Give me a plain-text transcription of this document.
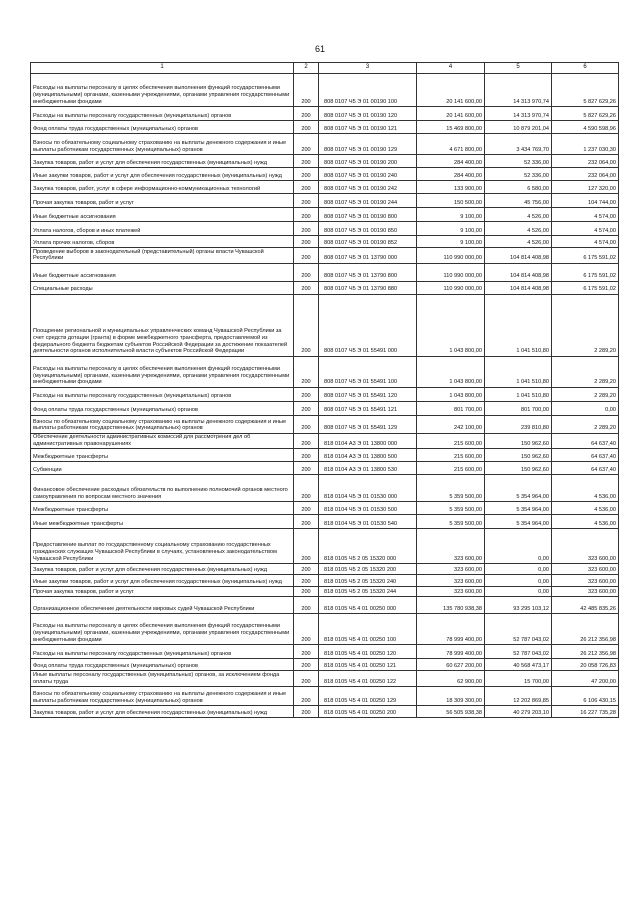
61
1	2	3	4	5	6
Расходы на выплаты персоналу в целях обеспечения выполнения функций государственными (муниципальными) органами, казенными учреждениями, органами управления государственными внебюджетными фондами	200	808 0107 Ч5 Э 01 00190 100	20 141 600,00	14 313 970,74	5 827 629,26
Расходы на выплаты персоналу государственных (муниципальных) органов	200	808 0107 Ч5 Э 01 00190 120	20 141 600,00	14 313 970,74	5 827 629,26
Фонд оплаты труда государственных (муниципальных) органов	200	808 0107 Ч5 Э 01 00190 121	15 469 800,00	10 879 201,04	4 590 598,96
Взносы по обязательному социальному страхованию на выплаты денежного содержания и иные выплаты работникам государственных (муниципальных) органов	200	808 0107 Ч5 Э 01 00190 129	4 671 800,00	3 434 769,70	1 237 030,30
Закупка товаров, работ и услуг для обеспечения государственных (муниципальных) нужд	200	808 0107 Ч5 Э 01 00190 200	284 400,00	52 336,00	232 064,00
Иные закупки товаров, работ и услуг для обеспечения государственных (муниципальных) нужд	200	808 0107 Ч5 Э 01 00190 240	284 400,00	52 336,00	232 064,00
Закупка товаров, работ, услуг в сфере информационно-коммуникационных технологий	200	808 0107 Ч5 Э 01 00190 242	133 900,00	6 580,00	127 320,00
Прочая закупка товаров, работ и услуг	200	808 0107 Ч5 Э 01 00190 244	150 500,00	45 756,00	104 744,00
Иные бюджетные ассигнования	200	808 0107 Ч5 Э 01 00190 800	9 100,00	4 526,00	4 574,00
Уплата налогов, сборов и иных платежей	200	808 0107 Ч5 Э 01 00190 850	9 100,00	4 526,00	4 574,00
Уплата прочих налогов, сборов	200	808 0107 Ч5 Э 01 00190 852	9 100,00	4 526,00	4 574,00
Проведение выборов в законодательный (представительный) органы власти Чувашской Республики	200	808 0107 Ч5 Э 01 13790 000	110 990 000,00	104 814 408,98	6 175 591,02
Иные бюджетные ассигнования	200	808 0107 Ч5 Э 01 13790 800	110 990 000,00	104 814 408,98	6 175 591,02
Специальные расходы	200	808 0107 Ч5 Э 01 13790 880	110 990 000,00	104 814 408,98	6 175 591,02
Поощрение региональной и муниципальных управленческих команд Чувашской Республики за счет средств дотации (гранта) в форме межбюджетного трансферта, предоставляемой из федерального бюджета бюджетам субъектов Российской Федерации за достижение показателей деятельности органов исполнительной власти субъектов Российской Федерации	200	808 0107 Ч5 Э 01 55491 000	1 043 800,00	1 041 510,80	2 289,20
Расходы на выплаты персоналу в целях обеспечения выполнения функций государственными (муниципальными) органами, казенными учреждениями, органами управления государственными внебюджетными фондами	200	808 0107 Ч5 Э 01 55491 100	1 043 800,00	1 041 510,80	2 289,20
Расходы на выплаты персоналу государственных (муниципальных) органов	200	808 0107 Ч5 Э 01 55491 120	1 043 800,00	1 041 510,80	2 289,20
Фонд оплаты труда государственных (муниципальных) органов	200	808 0107 Ч5 Э 01 55491 121	801 700,00	801 700,00	0,00
Взносы по обязательному социальному страхованию на выплаты денежного содержания и иные выплаты работникам государственных (муниципальных) органов	200	808 0107 Ч5 Э 01 55491 129	242 100,00	239 810,80	2 289,20
Обеспечение деятельности административных комиссий для рассмотрения дел об административных правонарушениях	200	818 0104 А3 Э 01 13800 000	215 600,00	150 962,60	64 637,40
Межбюджетные трансферты	200	818 0104 А3 Э 01 13800 500	215 600,00	150 962,60	64 637,40
Субвенции	200	818 0104 А3 Э 01 13800 530	215 600,00	150 962,60	64 637,40
Финансовое обеспечение расходных обязательств по выполнению полномочий органов местного самоуправления по вопросам местного значения	200	818 0104 Ч5 Э 01 01530 000	5 359 500,00	5 354 964,00	4 536,00
Межбюджетные трансферты	200	818 0104 Ч5 Э 01 01530 500	5 359 500,00	5 354 964,00	4 536,00
Иные межбюджетные трансферты	200	818 0104 Ч5 Э 01 01530 540	5 359 500,00	5 354 964,00	4 536,00
Предоставление выплат по государственному социальному страхованию государственных гражданских служащих Чувашской Республики в случаях, установленных законодательством Чувашской Республики	200	818 0105 Ч5 2 05 15320 000	323 600,00	0,00	323 600,00
Закупка товаров, работ и услуг для обеспечения государственных (муниципальных) нужд	200	818 0105 Ч5 2 05 15320 200	323 600,00	0,00	323 600,00
Иные закупки товаров, работ и услуг для обеспечения государственных (муниципальных) нужд	200	818 0105 Ч5 2 05 15320 240	323 600,00	0,00	323 600,00
Прочая закупка товаров, работ и услуг	200	818 0105 Ч5 2 05 15320 244	323 600,00	0,00	323 600,00
Организационное обеспечение деятельности мировых судей Чувашской Республики	200	818 0105 Ч5 4 01 00250 000	135 780 938,38	93 295 103,12	42 485 835,26
Расходы на выплаты персоналу в целях обеспечения выполнения функций государственными (муниципальными) органами, казенными учреждениями, органами управления государственными внебюджетными фондами	200	818 0105 Ч5 4 01 00250 100	78 999 400,00	52 787 043,02	26 212 356,98
Расходы на выплаты персоналу государственных (муниципальных) органов	200	818 0105 Ч5 4 01 00250 120	78 999 400,00	52 787 043,02	26 212 356,98
Фонд оплаты труда государственных (муниципальных) органов	200	818 0105 Ч5 4 01 00250 121	60 627 200,00	40 568 473,17	20 058 726,83
Иные выплаты персоналу государственных (муниципальных) органов, за исключением фонда оплаты труда	200	818 0105 Ч5 4 01 00250 122	62 900,00	15 700,00	47 200,00
Взносы по обязательному социальному страхованию на выплаты денежного содержания и иные выплаты работникам государственных (муниципальных) органов	200	818 0105 Ч5 4 01 00250 129	18 309 300,00	12 202 869,85	6 106 430,15
Закупка товаров, работ и услуг для обеспечения государственных (муниципальных) нужд	200	818 0105 Ч5 4 01 00250 200	56 505 938,38	40 279 203,10	16 227 735,28
